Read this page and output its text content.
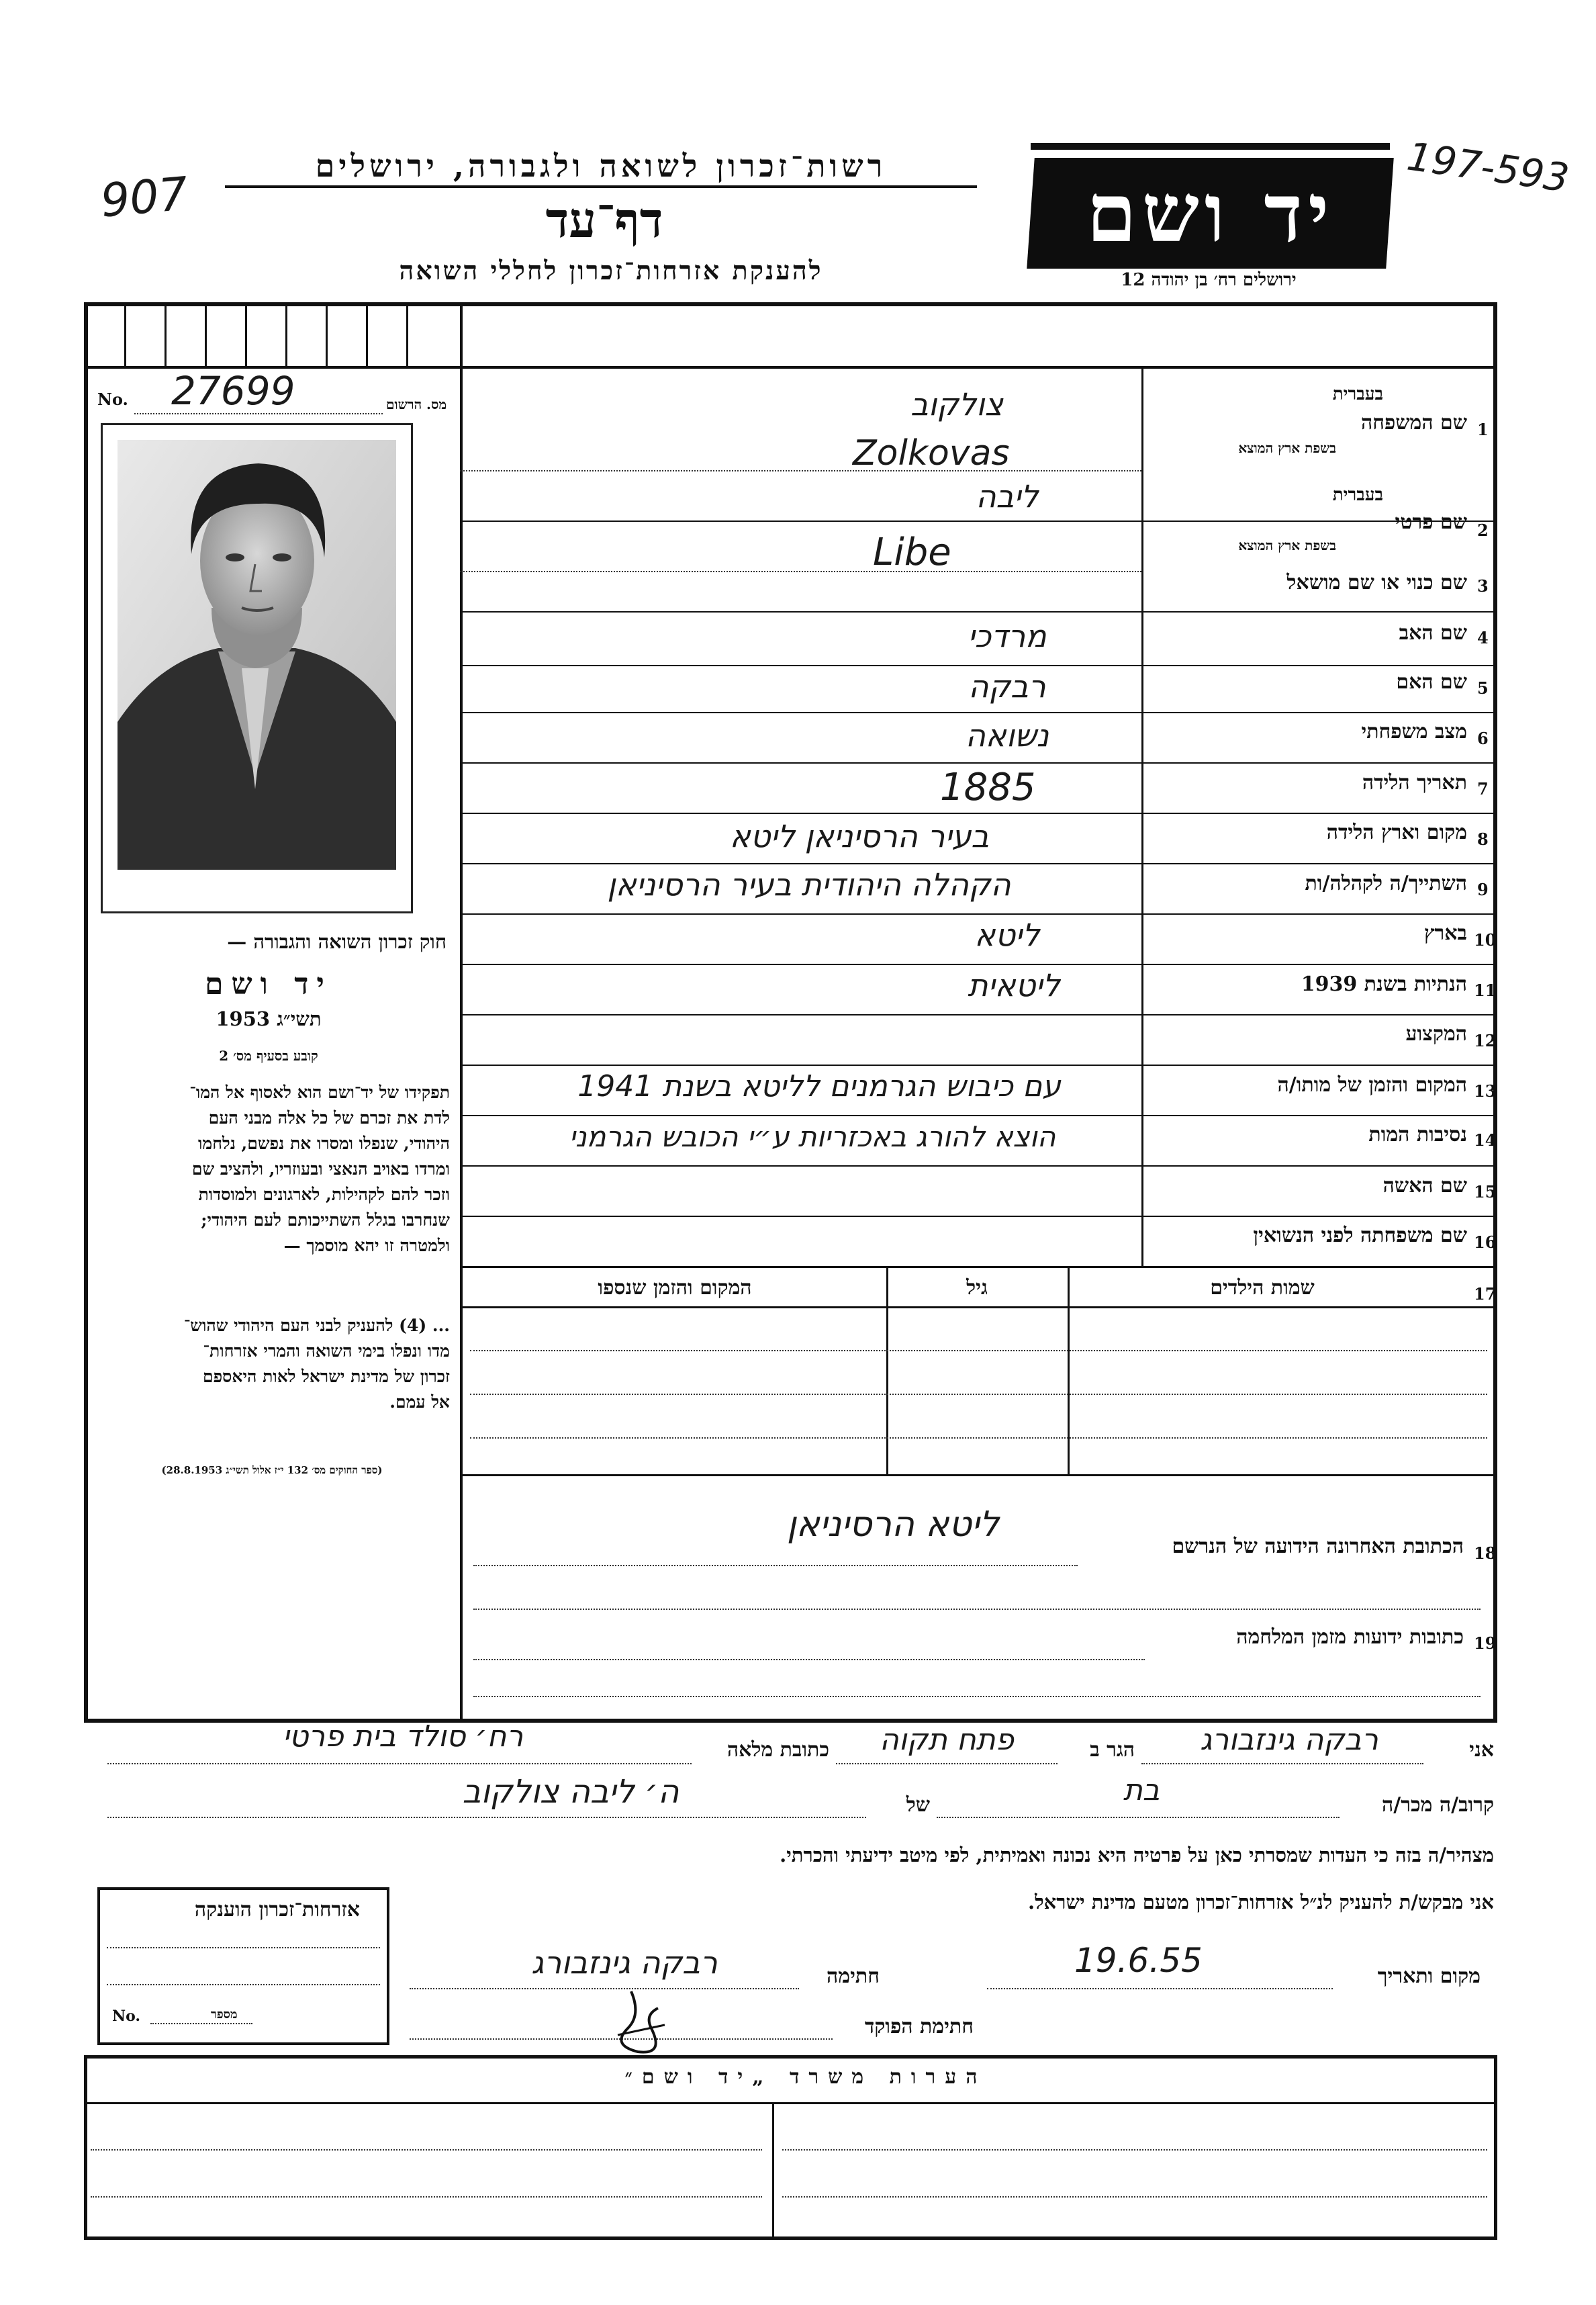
907
רשות־זכרון לשואה ולגבורה, ירושלים
דף־עד
להענקת אזרחות־זכרון לחללי השואה
יד ושם
ירושלים רח׳ בן יהודה 12
197-593
No. 27699	מס. הרשום
חוק זכרון השואה והגבורה —
יד ושם
תשי״ג 1953
קובע בסעיף מס׳ 2

תפקידו של יד־ושם הוא לאסוף אל המו־

לדת את זכרם של כל אלה מבני העם

היהודי, שנפלו ומסרו את נפשם, נלחמו

ומרדו באויב הנאצי ובעוזריו, ולהציב שם

וזכר להם לקהילות, לארגונים ולמוסדות

שנחרבו בגלל השתייכותם לעם היהודי;

ולמטרה זו יהא מוסמך —

... (4) להעניק לבני העם היהודי שהוש־

מדו ונפלו בימי השואה והמרי אזרחות־

זכרון של מדינת ישראל לאות היאספם

אל עמם.

(ספר החוקים מס׳ 132 י״ז אלול תשי״ג 28.8.1953)
1
שם המשפחה
בעברית
בשפת ארץ המוצא
צולקוב
Zolkovas
2
שם פרטי
בעברית
בשפת ארץ המוצא
ליבה
Libe
3
שם כנוי או שם מושאל
4
שם האב
מרדכי
5
שם האם
רבקה
6
מצב משפחתי
נשואה
7
תאריך הלידה
1885
8
מקום וארץ הלידה
בעיר הרסיניאן ליטא
9
השתייך/ה לקהלה/ות
הקהלה היהודית בעיר הרסיניאן
10
בארץ
ליטא
11
הנתיות בשנת 1939
ליטאית
12
המקצוע
13
המקום והזמן של מותו/ה
עם כיבוש הגרמנים לליטא בשנת 1941
14
נסיבות המות
הוצא להורג באכזריות ע״י הכובש הגרמני
15
שם האשה
16
שם משפחתה לפני הנשואין
17
שמות הילדים
גיל
המקום והזמן שנספו
18
הכתובת האחרונה הידועה של הנרשם
ליטא הרסיניאן
19
כתובות ידועות מזמן המלחמה
אני
רבקה גינזבורג
הגר ב
פתח תקוה
כתובת מלאה
רח׳ סולד בית פרטי
קרוב/ה מכר/ה
בת
של
ה׳ ליבה צולקוב
מצהיר/ה בזה כי העדות שמסרתי כאן על פרטיה היא נכונה ואמיתית, לפי מיטב ידיעתי והכרתי.
אני מבקש/ת להעניק לנ״ל אזרחות־זכרון מטעם מדינת ישראל.
מקום ותאריך
19.6.55
חתימה
רבקה גינזבורג
חתימת הפוקד
אזרחות־זכרון הוענקה
No.	מספר
הערות משרד „יד ושם״
